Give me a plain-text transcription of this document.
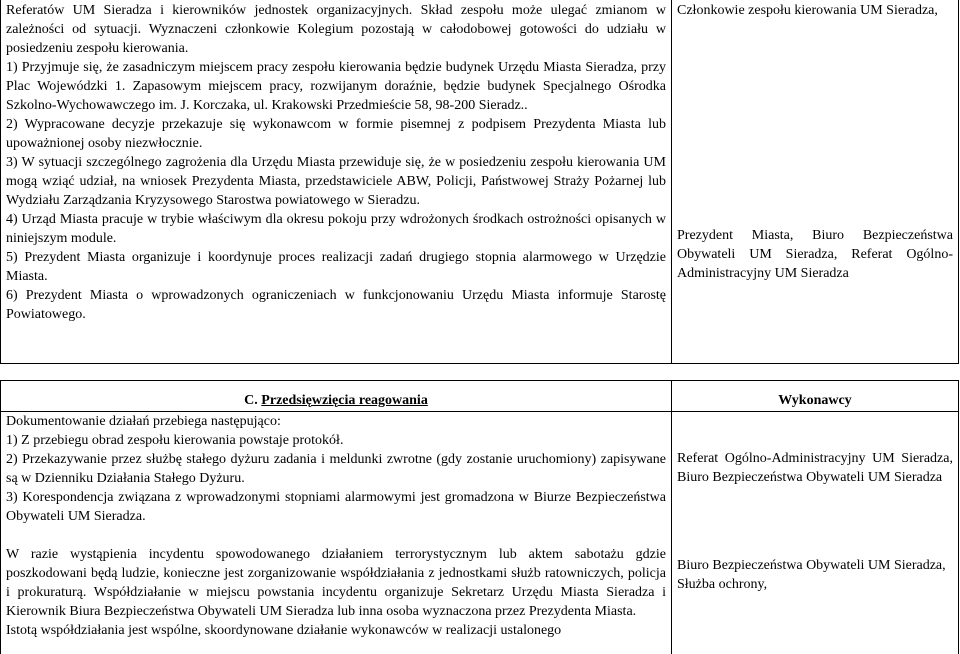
Referatów UM Sieradza i kierowników jednostek organizacyjnych. Skład zespołu może ulegać zmianom w zależności od sytuacji. Wyznaczeni członkowie Kolegium pozostają w całodobowej gotowości do udziału w posiedzeniu zespołu kierowania.

1) Przyjmuje się, że zasadniczym miejscem pracy zespołu kierowania będzie budynek Urzędu Miasta Sieradza, przy Plac Wojewódzki 1. Zapasowym miejscem pracy, rozwijanym doraźnie, będzie budynek Specjalnego Ośrodka Szkolno-Wychowawczego im. J. Korczaka, ul. Krakowski Przedmieście 58, 98-200 Sieradz..

2) Wypracowane decyzje przekazuje się wykonawcom w formie pisemnej z podpisem Prezydenta Miasta lub upoważnionej osoby niezwłocznie.

3) W sytuacji szczególnego zagrożenia dla Urzędu Miasta przewiduje się, że w posiedzeniu zespołu kierowania UM mogą wziąć udział, na wniosek Prezydenta Miasta, przedstawiciele ABW, Policji, Państwowej Straży Pożarnej lub Wydziału Zarządzania Kryzysowego Starostwa powiatowego w Sieradzu.

4) Urząd Miasta pracuje w trybie właściwym dla okresu pokoju przy wdrożonych środkach ostrożności opisanych w niniejszym module.

5) Prezydent Miasta organizuje i koordynuje proces realizacji zadań drugiego stopnia alarmowego w Urzędzie Miasta.

6) Prezydent Miasta o wprowadzonych ograniczeniach w funkcjonowaniu Urzędu Miasta informuje Starostę Powiatowego.

Członkowie zespołu kierowania UM Sieradza,

Prezydent Miasta, Biuro Bezpieczeństwa Obywateli UM Sieradza, Referat Ogólno-Administracyjny UM Sieradza

C. Przedsięwzięcia reagowania	Wykonawcy

Dokumentowanie działań przebiega następująco:

1) Z przebiegu obrad zespołu kierowania powstaje protokół.

2) Przekazywanie przez służbę stałego dyżuru zadania i meldunki zwrotne (gdy zostanie uruchomiony) zapisywane są w Dzienniku Działania Stałego Dyżuru.

3) Korespondencja związana z wprowadzonymi stopniami alarmowymi jest gromadzona w Biurze Bezpieczeństwa Obywateli UM Sieradza.

W razie wystąpienia incydentu spowodowanego działaniem terrorystycznym lub aktem sabotażu gdzie poszkodowani będą ludzie, konieczne jest zorganizowanie współdziałania z jednostkami służb ratowniczych, policja i prokuraturą. Współdziałanie w miejscu powstania incydentu organizuje Sekretarz Urzędu Miasta Sieradza i Kierownik Biura Bezpieczeństwa Obywateli UM Sieradza lub inna osoba wyznaczona przez Prezydenta Miasta.

Istotą współdziałania jest wspólne, skoordynowane działanie wykonawców w realizacji ustalonego

Referat Ogólno-Administracyjny UM Sieradza, Biuro Bezpieczeństwa Obywateli UM Sieradza

Biuro Bezpieczeństwa Obywateli UM Sieradza,

Służba ochrony,
